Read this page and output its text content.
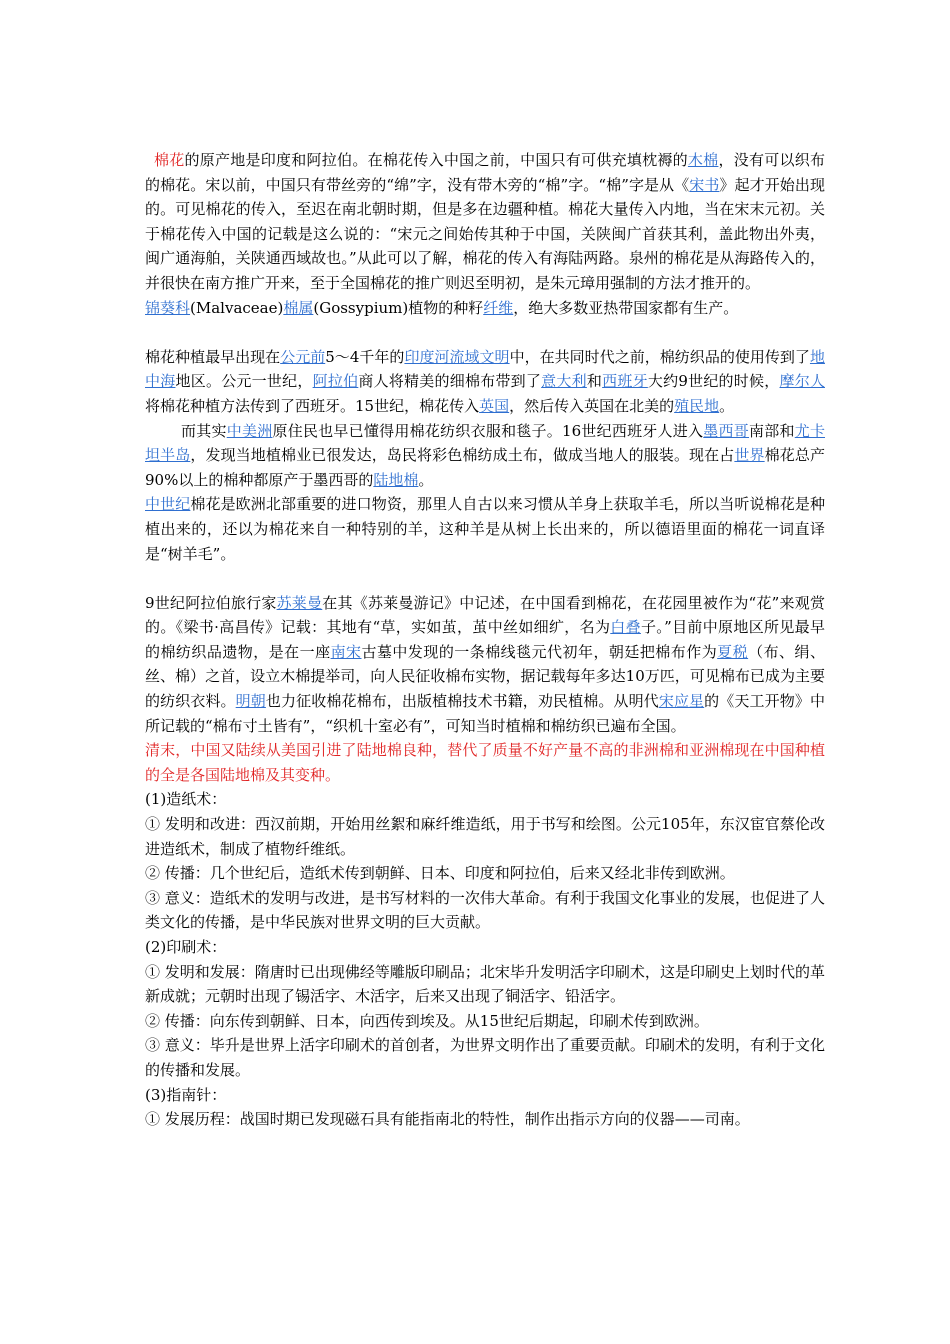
棉花的原产地是印度和阿拉伯。在棉花传入中国之前，中国只有可供充填枕褥的木棉，没有可以织布的棉花。宋以前，中国只有带丝旁的“绵”字，没有带木旁的“棉”字。“棉”字是从《宋书》起才开始出现的。可见棉花的传入，至迟在南北朝时期，但是多在边疆种植。棉花大量传入内地，当在宋末元初。关于棉花传入中国的记载是这么说的：“宋元之间始传其种于中国，关陕闽广首获其利，盖此物出外夷，闽广通海舶，关陕通西域故也。”从此可以了解，棉花的传入有海陆两路。泉州的棉花是从海路传入的，并很快在南方推广开来，至于全国棉花的推广则迟至明初，是朱元璋用强制的方法才推开的。

锦葵科(Malvaceae)棉属(Gossypium)植物的种籽纤维，绝大多数亚热带国家都有生产。

棉花种植最早出现在公元前5～4千年的印度河流域文明中，在共同时代之前，棉纺织品的使用传到了地中海地区。公元一世纪，阿拉伯商人将精美的细棉布带到了意大利和西班牙大约9世纪的时候，摩尔人将棉花种植方法传到了西班牙。15世纪，棉花传入英国，然后传入英国在北美的殖民地。

而其实中美洲原住民也早已懂得用棉花纺织衣服和毯子。16世纪西班牙人进入墨西哥南部和尤卡坦半岛，发现当地植棉业已很发达，岛民将彩色棉纺成土布，做成当地人的服装。现在占世界棉花总产90%以上的棉种都原产于墨西哥的陆地棉。

中世纪棉花是欧洲北部重要的进口物资，那里人自古以来习惯从羊身上获取羊毛，所以当听说棉花是种植出来的，还以为棉花来自一种特别的羊，这种羊是从树上长出来的，所以德语里面的棉花一词直译是“树羊毛”。

9世纪阿拉伯旅行家苏莱曼在其《苏莱曼游记》中记述，在中国看到棉花，在花园里被作为“花”来观赏的。《梁书·高昌传》记载：其地有“草，实如茧，茧中丝如细纩，名为白叠子。”目前中原地区所见最早的棉纺织品遗物，是在一座南宋古墓中发现的一条棉线毯元代初年，朝廷把棉布作为夏税（布、绢、丝、棉）之首，设立木棉提举司，向人民征收棉布实物，据记载每年多达10万匹，可见棉布已成为主要的纺织衣料。明朝也力征收棉花棉布，出版植棉技术书籍，劝民植棉。从明代宋应星的《天工开物》中所记载的“棉布寸土皆有”，“织机十室必有”，可知当时植棉和棉纺织已遍布全国。

清末，中国又陆续从美国引进了陆地棉良种，替代了质量不好产量不高的非洲棉和亚洲棉现在中国种植的全是各国陆地棉及其变种。

(1)造纸术：

① 发明和改进：西汉前期，开始用丝絮和麻纤维造纸，用于书写和绘图。公元105年，东汉宦官蔡伦改进造纸术，制成了植物纤维纸。

② 传播：几个世纪后，造纸术传到朝鲜、日本、印度和阿拉伯，后来又经北非传到欧洲。

③ 意义：造纸术的发明与改进，是书写材料的一次伟大革命。有利于我国文化事业的发展，也促进了人类文化的传播，是中华民族对世界文明的巨大贡献。

(2)印刷术：

① 发明和发展：隋唐时已出现佛经等雕版印刷品；北宋毕升发明活字印刷术，这是印刷史上划时代的革新成就；元朝时出现了锡活字、木活字，后来又出现了铜活字、铅活字。

② 传播：向东传到朝鲜、日本，向西传到埃及。从15世纪后期起，印刷术传到欧洲。

③ 意义：毕升是世界上活字印刷术的首创者，为世界文明作出了重要贡献。印刷术的发明，有利于文化的传播和发展。

(3)指南针：

① 发展历程：战国时期已发现磁石具有能指南北的特性，制作出指示方向的仪器——司南。
